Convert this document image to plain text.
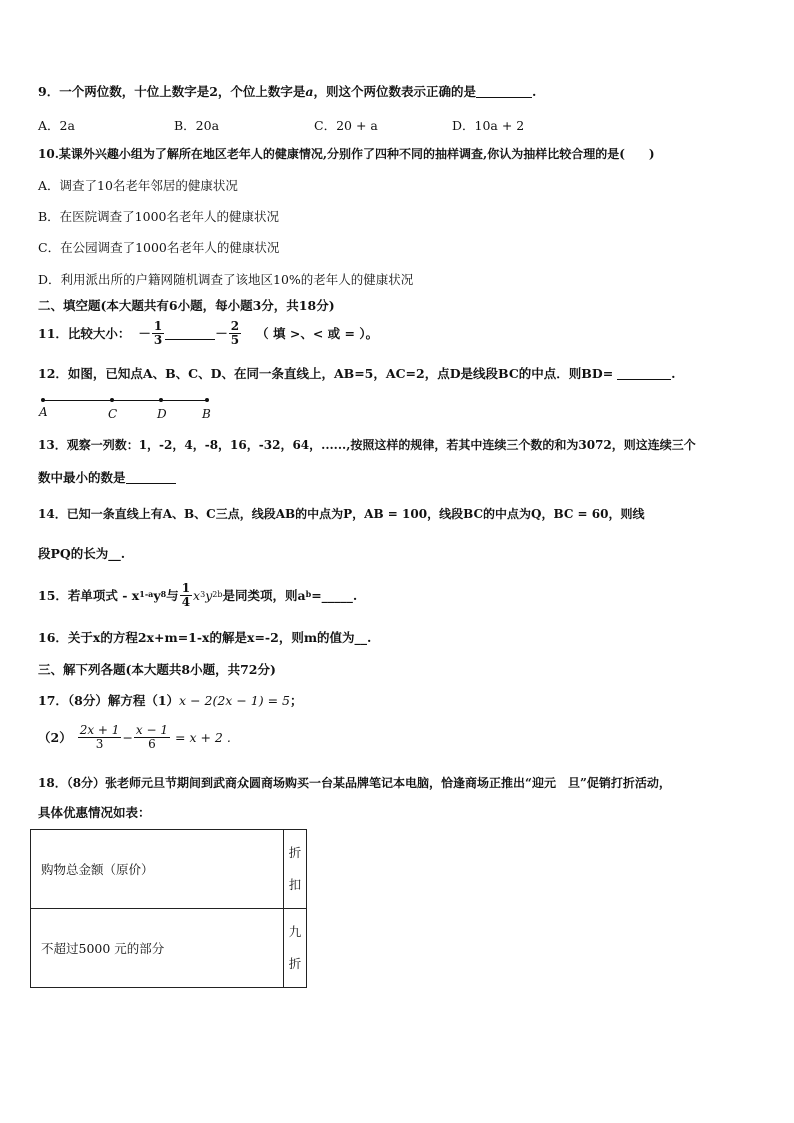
9．一个两位数，十位上数字是2，个位上数字是a，则这个两位数表示正确的是	.
A．2a	B．20a	C．20 + a	D．10a + 2
10.某课外兴趣小组为了解所在地区老年人的健康情况,分别作了四种不同的抽样调查,你认为抽样比较合理的是(　　)
A．调查了10名老年邻居的健康状况
B．在医院调查了1000名老年人的健康状况
C．在公园调查了1000名老年人的健康状况
D．利用派出所的户籍网随机调查了该地区10%的老年人的健康状况
二、填空题(本大题共有6小题，每小题3分，共18分)
11．比较大小： － $\frac{1}{3}$	－ $\frac{2}{5}$ （ 填 >、< 或 = ）。
12．如图，已知点A、B、C、D、在同一条直线上，AB=5，AC=2，点D是线段BC的中点．则BD=	.
A	C	D	B
13．观察一列数：1，-2，4，-8，16，-32，64，......,按照这样的规律，若其中连续三个数的和为3072，则这连续三个
数中最小的数是
14．已知一条直线上有A、B、C三点，线段AB的中点为P，AB = 100，线段BC的中点为Q，BC = 60，则线
段PQ的长为__.
15．若单项式 - x 1-a y 8 与 $\frac{1}{4}$ x 3 y 2b 是同类项，则a b =_____.
16．关于x的方程2x+m=1-x的解是x=-2，则m的值为__.
三、解下列各题(本大题共8小题，共72分)
17．（8分）解方程（1）x − 2(2x − 1) = 5；
$(2) \frac{2x + 1}{3} - \frac{x - 1}{6} = x + 2$ .
18．（8分）张老师元旦节期间到武商众圆商场购买一台某品牌笔记本电脑，恰逢商场正推出“迎元　旦”促销打折活动，
具体优惠情况如表：
购物总金额（原价）	折
扣
不超过5000 元的部分	九
折
